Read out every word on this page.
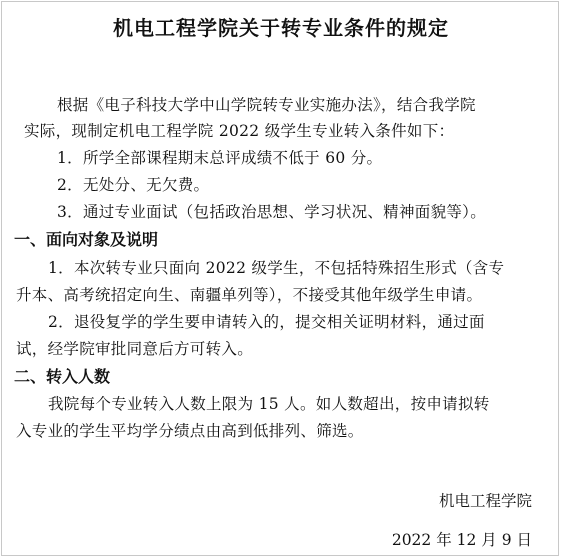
机电工程学院关于转专业条件的规定
根据《电子科技大学中山学院转专业实施办法》，结合我学院
实际，现制定机电工程学院 2022 级学生专业转入条件如下：
1．所学全部课程期末总评成绩不低于 60 分。
2．无处分、无欠费。
3．通过专业面试（包括政治思想、学习状况、精神面貌等）。
一、面向对象及说明
1．本次转专业只面向 2022 级学生，不包括特殊招生形式（含专
升本、高考统招定向生、南疆单列等），不接受其他年级学生申请。
2．退役复学的学生要申请转入的，提交相关证明材料，通过面
试，经学院审批同意后方可转入。
二、转入人数
我院每个专业转入人数上限为 15 人。如人数超出，按申请拟转
入专业的学生平均学分绩点由高到低排列、筛选。
机电工程学院
2022 年 12 月 9 日
